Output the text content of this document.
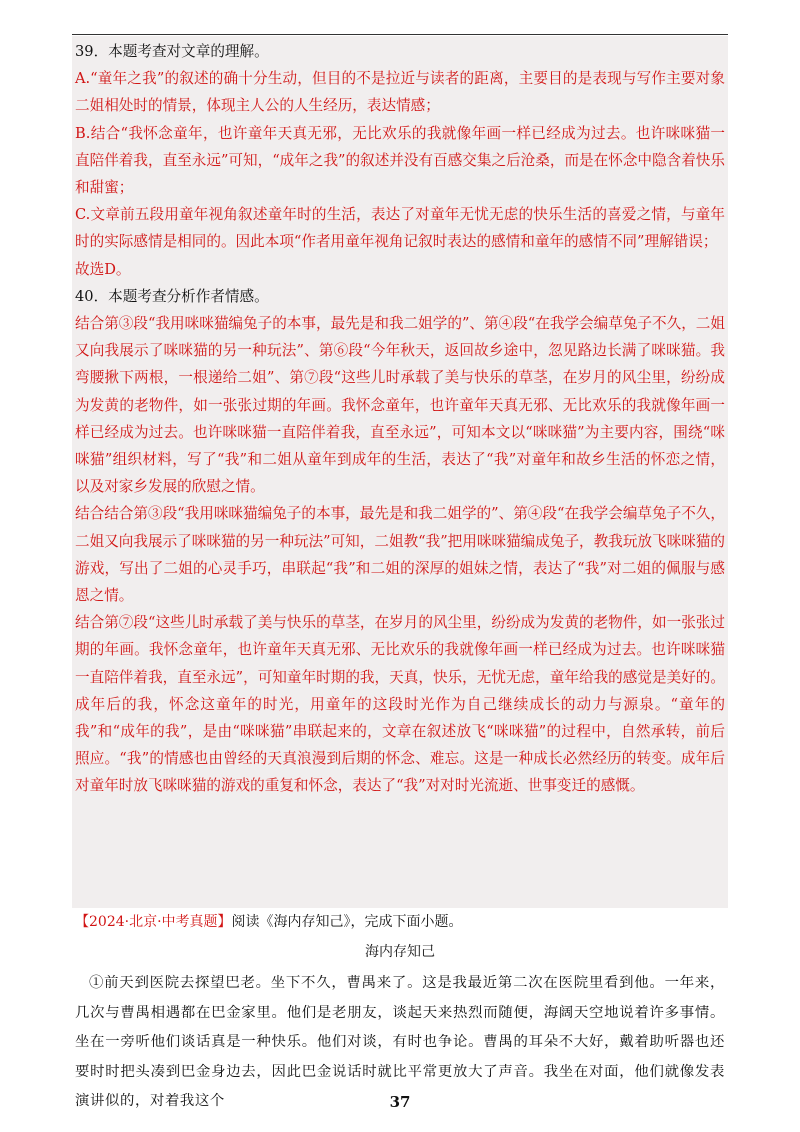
39．本题考查对文章的理解。

A.“童年之我”的叙述的确十分生动，但目的不是拉近与读者的距离，主要目的是表现与写作主要对象二姐相处时的情景，体现主人公的人生经历，表达情感；

B.结合“我怀念童年，也许童年天真无邪，无比欢乐的我就像年画一样已经成为过去。也许咪咪猫一直陪伴着我，直至永远”可知，“成年之我”的叙述并没有百感交集之后沧桑，而是在怀念中隐含着快乐和甜蜜；

C.文章前五段用童年视角叙述童年时的生活，表达了对童年无忧无虑的快乐生活的喜爱之情，与童年时的实际感情是相同的。因此本项“作者用童年视角记叙时表达的感情和童年的感情不同”理解错误；

故选D。

40．本题考查分析作者情感。

结合第③段“我用咪咪猫编兔子的本事，最先是和我二姐学的”、第④段“在我学会编草兔子不久，二姐又向我展示了咪咪猫的另一种玩法”、第⑥段“今年秋天，返回故乡途中，忽见路边长满了咪咪猫。我弯腰揪下两根，一根递给二姐”、第⑦段“这些儿时承载了美与快乐的草茎，在岁月的风尘里，纷纷成为发黄的老物件，如一张张过期的年画。我怀念童年，也许童年天真无邪、无比欢乐的我就像年画一样已经成为过去。也许咪咪猫一直陪伴着我，直至永远”，可知本文以“咪咪猫”为主要内容，围绕“咪咪猫”组织材料，写了“我”和二姐从童年到成年的生活，表达了“我”对童年和故乡生活的怀恋之情，以及对家乡发展的欣慰之情。

结合结合第③段“我用咪咪猫编兔子的本事，最先是和我二姐学的”、第④段“在我学会编草兔子不久，二姐又向我展示了咪咪猫的另一种玩法”可知，二姐教“我”把用咪咪猫编成兔子，教我玩放飞咪咪猫的游戏，写出了二姐的心灵手巧，串联起“我”和二姐的深厚的姐妹之情，表达了“我”对二姐的佩服与感恩之情。

结合第⑦段“这些儿时承载了美与快乐的草茎，在岁月的风尘里，纷纷成为发黄的老物件，如一张张过期的年画。我怀念童年，也许童年天真无邪、无比欢乐的我就像年画一样已经成为过去。也许咪咪猫一直陪伴着我，直至永远”，可知童年时期的我，天真，快乐，无忧无虑，童年给我的感觉是美好的。成年后的我，怀念这童年的时光，用童年的这段时光作为自己继续成长的动力与源泉。“童年的我”和“成年的我”，是由“咪咪猫”串联起来的，文章在叙述放飞“咪咪猫”的过程中，自然承转，前后照应。“我”的情感也由曾经的天真浪漫到后期的怀念、难忘。这是一种成长必然经历的转变。成年后对童年时放飞咪咪猫的游戏的重复和怀念，表达了“我”对对时光流逝、世事变迁的感慨。

【2024·北京·中考真题】阅读《海内存知己》，完成下面小题。
海内存知己

①前天到医院去探望巴老。坐下不久，曹禺来了。这是我最近第二次在医院里看到他。一年来，几次与曹禺相遇都在巴金家里。他们是老朋友，谈起天来热烈而随便，海阔天空地说着许多事情。坐在一旁听他们谈话真是一种快乐。他们对谈，有时也争论。曹禺的耳朵不大好，戴着助听器也还要时时把头凑到巴金身边去，因此巴金说话时就比平常更放大了声音。我坐在对面，他们就像发表演讲似的，对着我这个	37
